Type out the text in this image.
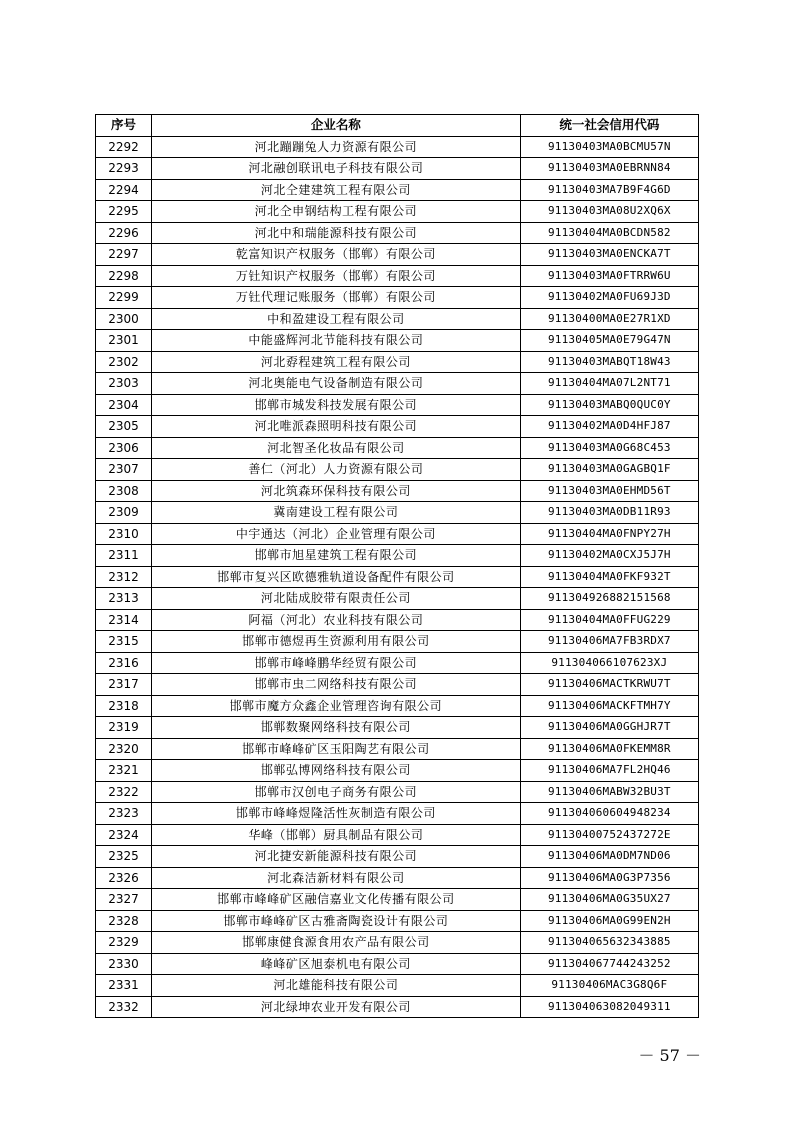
序号	企业名称	统一社会信用代码
2292	河北蹦蹦兔人力资源有限公司	91130403MA0BCMU57N
2293	河北融创联讯电子科技有限公司	91130403MA0EBRNN84
2294	河北仝建建筑工程有限公司	91130403MA7B9F4G6D
2295	河北仝申钢结构工程有限公司	91130403MA08U2XQ6X
2296	河北中和瑞能源科技有限公司	91130404MA0BCDN582
2297	乾富知识产权服务（邯郸）有限公司	91130403MA0ENCKA7T
2298	万钍知识产权服务（邯郸）有限公司	91130403MA0FTRRW6U
2299	万钍代理记账服务（邯郸）有限公司	91130402MA0FU69J3D
2300	中和盈建设工程有限公司	91130400MA0E27R1XD
2301	中能盛辉河北节能科技有限公司	91130405MA0E79G47N
2302	河北孬程建筑工程有限公司	91130403MABQT18W43
2303	河北奥能电气设备制造有限公司	91130404MA07L2NT71
2304	邯郸市城发科技发展有限公司	91130403MABQ0QUC0Y
2305	河北唯派森照明科技有限公司	91130402MA0D4HFJ87
2306	河北智圣化妆品有限公司	91130403MA0G68C453
2307	善仁（河北）人力资源有限公司	91130403MA0GAGBQ1F
2308	河北筑森环保科技有限公司	91130403MA0EHMD56T
2309	冀南建设工程有限公司	91130403MA0DB11R93
2310	中宇通达（河北）企业管理有限公司	91130404MA0FNPY27H
2311	邯郸市旭星建筑工程有限公司	91130402MA0CXJ5J7H
2312	邯郸市复兴区欧德雅轨道设备配件有限公司	91130404MA0FKF932T
2313	河北陆成胶带有限责任公司	911304926882151568
2314	阿福（河北）农业科技有限公司	91130404MA0FFUG229
2315	邯郸市德煜再生资源利用有限公司	91130406MA7FB3RDX7
2316	邯郸市峰峰鹏华经贸有限公司	911304066107623XJ
2317	邯郸市虫二网络科技有限公司	91130406MACTKRWU7T
2318	邯郸市魔方众鑫企业管理咨询有限公司	91130406MACKFTMH7Y
2319	邯郸数聚网络科技有限公司	91130406MA0GGHJR7T
2320	邯郸市峰峰矿区玉阳陶艺有限公司	91130406MA0FKEMM8R
2321	邯郸弘博网络科技有限公司	91130406MA7FL2HQ46
2322	邯郸市汉创电子商务有限公司	91130406MABW32BU3T
2323	邯郸市峰峰煜隆活性灰制造有限公司	911304060604948234
2324	华峰（邯郸）厨具制品有限公司	91130400752437272E
2325	河北捷安新能源科技有限公司	91130406MA0DM7ND06
2326	河北森洁新材料有限公司	91130406MA0G3P7356
2327	邯郸市峰峰矿区融信嘉业文化传播有限公司	91130406MA0G35UX27
2328	邯郸市峰峰矿区古雅斋陶瓷设计有限公司	91130406MA0G99EN2H
2329	邯郸康健食源食用农产品有限公司	911304065632343885
2330	峰峰矿区旭泰机电有限公司	911304067744243252
2331	河北雄能科技有限公司	91130406MAC3G8Q6F
2332	河北绿坤农业开发有限公司	911304063082049311
－ 57 －
